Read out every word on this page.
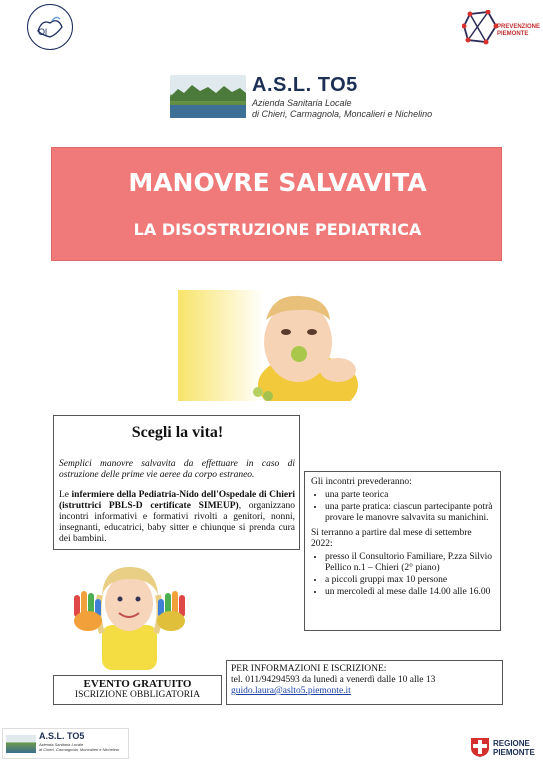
Ol	PREVENZIONE
PIEMONTE
A.S.L. TO5
Azienda Sanitaria Locale
di Chieri, Carmagnola, Moncalieri e Nichelino
MANOVRE SALVAVITA
LA DISOSTRUZIONE PEDIATRICA
Scegli la vita!
Semplici manovre salvavita da effettuare in caso di ostruzione delle prime vie aeree da corpo estraneo.
Le infermiere della Pediatria-Nido dell'Ospedale di Chieri (istruttrici PBLS-D certificate SIMEUP), organizzano incontri informativi e formativi rivolti a genitori, nonni, insegnanti, educatrici, baby sitter e chiunque si prenda cura dei bambini.

Gli incontri prevederanno:

• una parte teorica
• una parte pratica: ciascun partecipante potrà provare le manovre salvavita su manichini.

Si terranno a partire dal mese di settembre 2022:

• presso il Consultorio Familiare, P.zza Silvio Pellico n.1 – Chieri (2° piano)
• a piccoli gruppi max 10 persone
• un mercoledì al mese dalle 14.00 alle 16.00
EVENTO GRATUITO
ISCRIZIONE OBBLIGATORIA
PER INFORMAZIONI E ISCRIZIONE:
tel. 011/94294593 da lunedì a venerdì dalle 10 alle 13
guido.laura@aslto5.piemonte.it
A.S.L. TO5
Azienda Sanitaria Locale
di Chieri, Carmagnola, Moncalieri e Nichelino
REGIONE
PIEMONTE
